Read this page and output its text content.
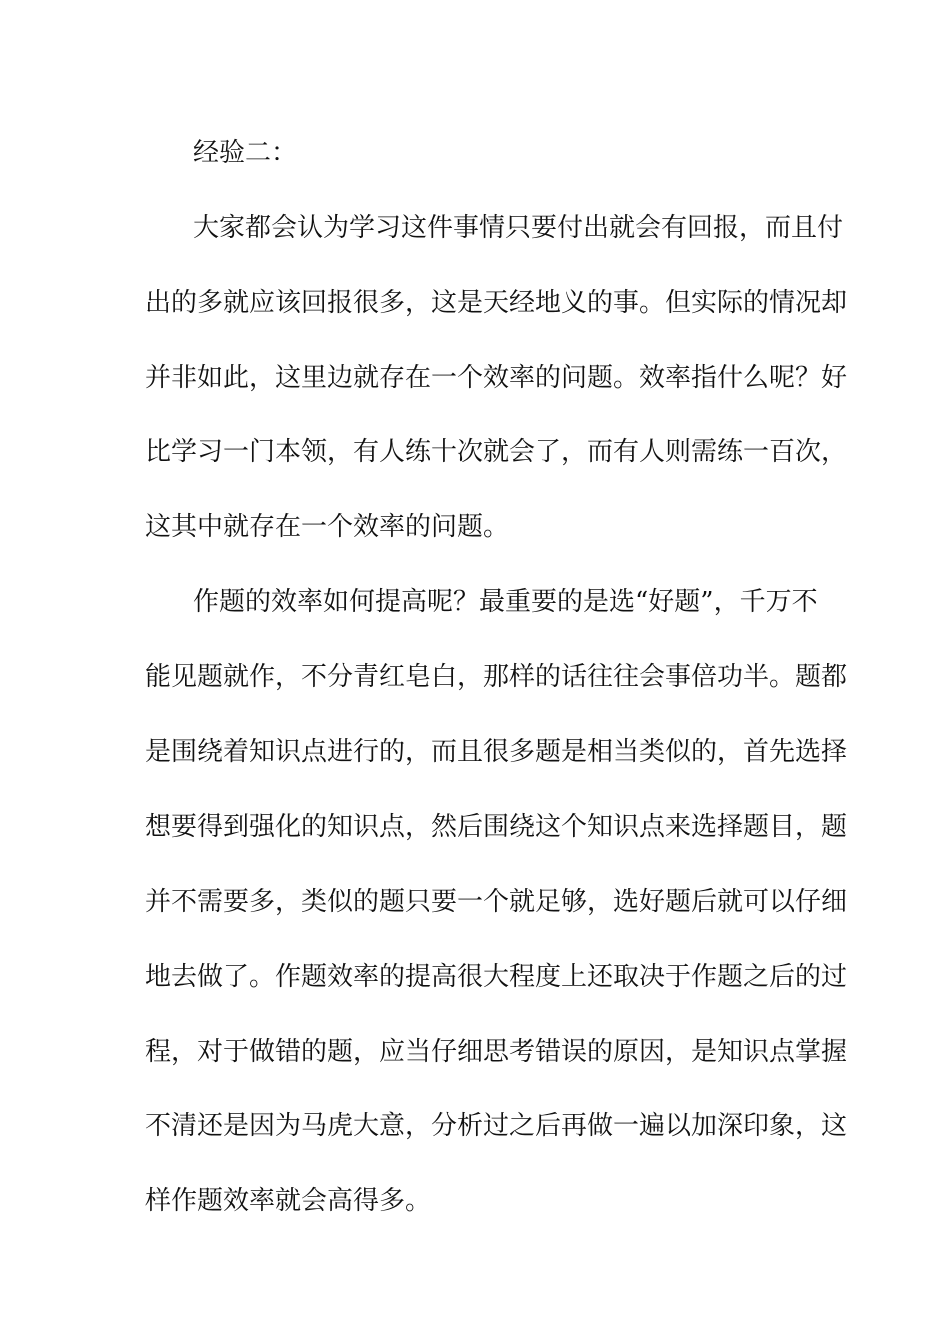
经验二：
大家都会认为学习这件事情只要付出就会有回报，而且付
出的多就应该回报很多，这是天经地义的事。但实际的情况却
并非如此，这里边就存在一个效率的问题。效率指什么呢？好
比学习一门本领，有人练十次就会了，而有人则需练一百次，
这其中就存在一个效率的问题。
作题的效率如何提高呢？最重要的是选“好题”，千万不
能见题就作，不分青红皂白，那样的话往往会事倍功半。题都
是围绕着知识点进行的，而且很多题是相当类似的，首先选择
想要得到强化的知识点，然后围绕这个知识点来选择题目，题
并不需要多，类似的题只要一个就足够，选好题后就可以仔细
地去做了。作题效率的提高很大程度上还取决于作题之后的过
程，对于做错的题，应当仔细思考错误的原因，是知识点掌握
不清还是因为马虎大意，分析过之后再做一遍以加深印象，这
样作题效率就会高得多。
